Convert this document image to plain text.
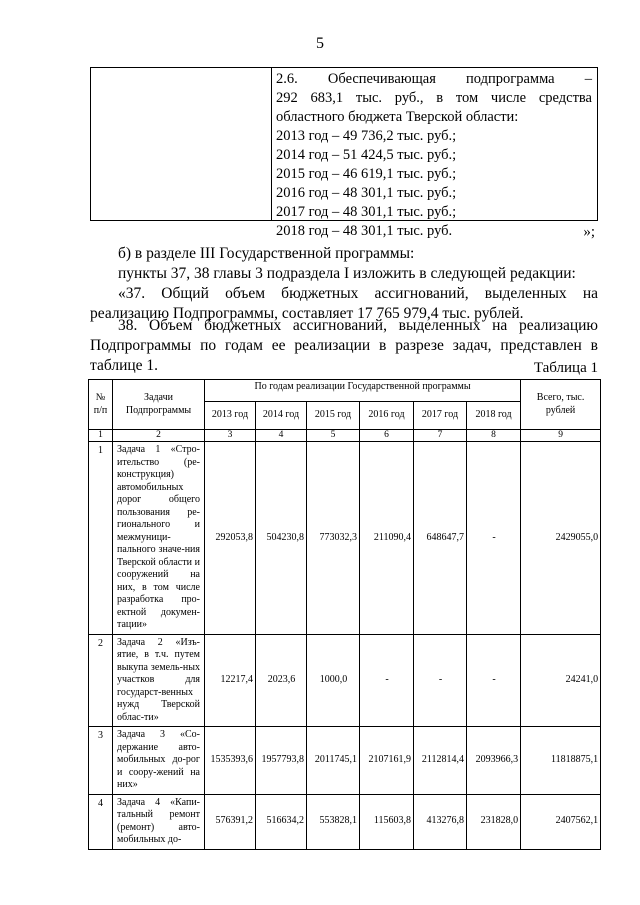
5
2.6. Обеспечивающая подпрограмма –
292 683,1 тыс. руб., в том числе средства
областного бюджета Тверской области:
2013 год – 49 736,2 тыс. руб.;
2014 год – 51 424,5 тыс. руб.;
2015 год – 46 619,1 тыс. руб.;
2016 год – 48 301,1 тыс. руб.;
2017 год – 48 301,1 тыс. руб.;
2018 год – 48 301,1 тыс. руб.	»;
б) в разделе III Государственной программы:
пункты 37, 38 главы 3 подраздела I изложить в следующей редакции:
«37. Общий объем бюджетных ассигнований, выделенных на
реализацию Подпрограммы, составляет 17 765 979,4 тыс. рублей.
38. Объем бюджетных ассигнований, выделенных на реализацию
Подпрограммы по годам ее реализации в разрезе задач, представлен в
таблице 1.	Таблица 1
№ п/п	Задачи Подпрограммы	По годам реализации Государственной программы						Всего, тыс. рублей
		2013 год	2014 год	2015 год	2016 год	2017 год	2018 год	
1	2	3	4	5	6	7	8	9
1	Задача 1 «Стро-ительство (ре-конструкция) автомобильных дорог общего пользования ре-гионального и межмуници-пального значе-ния Тверской области и сооружений на них, в том числе разработка про-ектной докумен-тации»	292053,8	504230,8	773032,3	211090,4	648647,7	-	2429055,0
2	Задача 2 «Изъ-ятие, в т.ч. путем выкупа земель-ных участков для государст-венных нужд Тверской облас-ти»	12217,4	2023,6	1000,0	-	-	-	24241,0
3	Задача 3 «Со-держание авто-мобильных до-рог и соору-жений на них»	1535393,6	1957793,8	2011745,1	2107161,9	2112814,4	2093966,3	11818875,1
4	Задача 4 «Капи-тальный ремонт (ремонт) авто-мобильных до-	576391,2	516634,2	553828,1	115603,8	413276,8	231828,0	2407562,1
